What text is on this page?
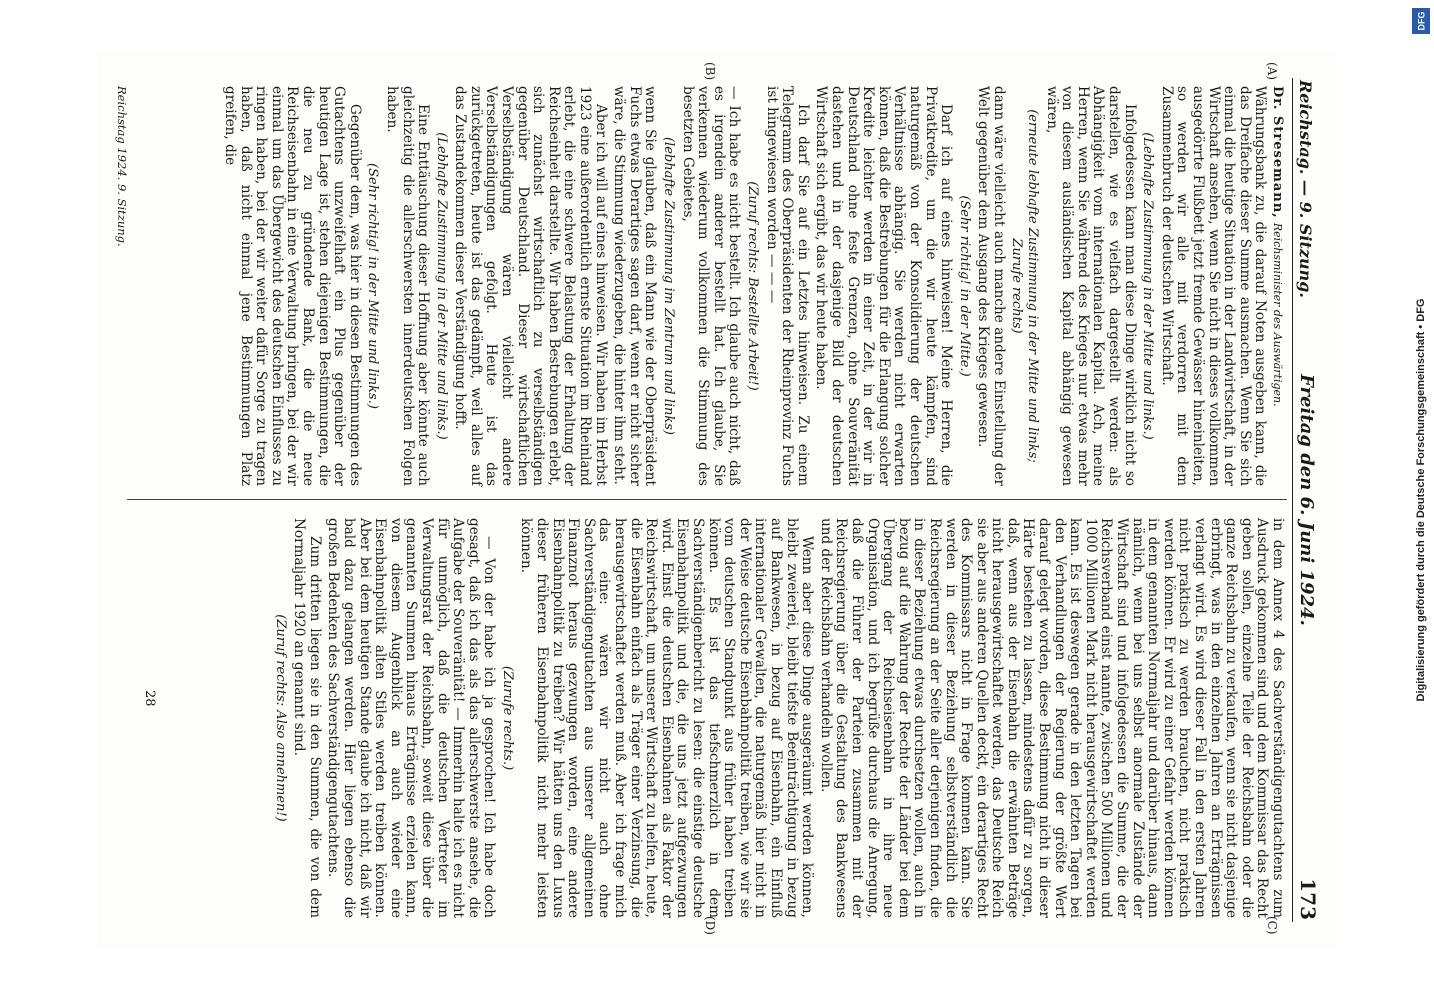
Reichstag. — 9. Sitzung.
Freitag den 6. Juni 1924.
173
(A)
(B)
(C)
(D)

Dr. Stresemann, Reichsminister des Auswärtigen.

Währungsbank zu, die darauf Noten ausgeben kann, die das Dreifache dieser Summe ausmachen. Wenn Sie sich einmal die heutige Situation in der Landwirtschaft, in der Wirtschaft ansehen, wenn Sie nicht in dieses vollkommen ausgedörrte Flußbett jetzt fremde Gewässer hineinleiten, so werden wir alle mit verdorren mit dem Zusammenbruch der deutschen Wirtschaft.

(Lebhafte Zustimmung in der Mitte und links.)

Infolgedessen kann man diese Dinge wirklich nicht so darstellen, wie es vielfach dargestellt werden: als Abhängigkeit vom internationalen Kapital. Ach, meine Herren, wenn Sie während des Krieges nur etwas mehr von diesem ausländischen Kapital abhängig gewesen wären,

(erneute lebhafte Zustimmung in der Mitte und links; Zurufe rechts)

dann wäre vielleicht auch manche andere Einstellung der Welt gegenüber dem Ausgang des Krieges gewesen.

(Sehr richtig! in der Mitte.)

Darf ich auf eines hinweisen! Meine Herren, die Privatkredite, um die wir heute kämpfen, sind naturgemäß von der Konsolidierung der deutschen Verhältnisse abhängig. Sie werden nicht erwarten können, daß die Bestrebungen für die Erlangung solcher Kredite leichter werden in einer Zeit, in der wir in Deutschland ohne feste Grenzen, ohne Souveränität dastehen und in der dasjenige Bild der deutschen Wirtschaft sich ergibt, das wir heute haben.

Ich darf Sie auf ein Letztes hinweisen. Zu einem Telegramm des Oberpräsidenten der Rheinprovinz Fuchs ist hingewiesen worden — — —

(Zuruf rechts: Bestellte Arbeit!)

— Ich habe es nicht bestellt. Ich glaube auch nicht, daß es irgendein anderer bestellt hat. Ich glaube, Sie verkennen wiederum vollkommen die Stimmung des besetzten Gebietes,

(lebhafte Zustimmung im Zentrum und links)

wenn Sie glauben, daß ein Mann wie der Oberpräsident Fuchs etwas Derartiges sagen darf, wenn er nicht sicher wäre, die Stimmung wiederzugeben, die hinter ihm steht.

Aber ich will auf eines hinweisen. Wir haben im Herbst 1923 eine außerordentlich ernste Situation im Rheinland erlebt, die eine schwere Belastung der Erhaltung der Reichseinheit darstellte. Wir haben Bestrebungen erlebt, sich zunächst wirtschaftlich zu verselbständigen gegenüber Deutschland. Dieser wirtschaftlichen Verselbständigung wären vielleicht andere Verselbständigungen gefolgt. Heute ist das zurückgetreten, heute ist das gedämpft, weil alles auf das Zustandekommen dieser Verständigung hofft.

(Lebhafte Zustimmung in der Mitte und links.)

Eine Enttäuschung dieser Hoffnung aber könnte auch gleichzeitig die allerschwersten innerdeutschen Folgen haben.

(Sehr richtig! in der Mitte und links.)

Gegenüber dem, was hier in diesen Bestimmungen des Gutachtens unzweifelhaft ein Plus gegenüber der heutigen Lage ist, stehen diejenigen Bestimmungen, die die neu zu gründende Bank, die die neue Reichseisenbahn in eine Verwaltung bringen, bei der wir einmal um das Übergewicht des deutschen Einflusses zu ringen haben, bei der wir weiter dafür Sorge zu tragen haben, daß nicht einmal jene Bestimmungen Platz greifen, die

in dem Annex 4 des Sachverständigengutachtens zum Ausdruck gekommen sind und dem Kommissar das Recht geben sollen, einzelne Teile der Reichsbahn oder die ganze Reichsbahn zu verkaufen, wenn sie nicht dasjenige erbringt, was in den einzelnen Jahren an Erträgnissen verlangt wird. Es wird dieser Fall in den ersten Jahren nicht praktisch zu werden brauchen, nicht praktisch werden können. Er wird zu einer Gefahr werden können in dem genannten Normaljahr und darüber hinaus, dann nämlich, wenn bei uns selbst anormale Zustände der Wirtschaft sind und infolgedessen die Summe, die der Reichsverband einst nannte, zwischen 500 Millionen und 1000 Millionen Mark nicht herausgewirtschaftet werden kann. Es ist deswegen gerade in den letzten Tagen bei den Verhandlungen der Regierung der größte Wert darauf gelegt worden, diese Bestimmung nicht in dieser Härte bestehen zu lassen, mindestens dafür zu sorgen, daß, wenn aus der Eisenbahn die erwähnten Beträge nicht herausgewirtschaftet werden, das Deutsche Reich sie aber aus anderen Quellen deckt, ein derartiges Recht des Kommissars nicht in Frage kommen kann. Sie werden in dieser Beziehung selbstverständlich die Reichsregierung an der Seite aller derjenigen finden, die in dieser Beziehung etwas durchsetzen wollen, auch in bezug auf die Wahrung der Rechte der Länder bei dem Übergang der Reichseisenbahn in ihre neue Organisation, und ich begrüße durchaus die Anregung, daß die Führer der Parteien zusammen mit der Reichsregierung über die Gestaltung des Bankwesens und der Reichsbahn verhandeln wollen.

Wenn aber diese Dinge ausgeräumt werden können, bleibt zweierlei, bleibt tiefste Beeinträchtigung in bezug auf Bankwesen, in bezug auf Eisenbahn, ein Einfluß internationaler Gewalten, die naturgemäß hier nicht in der Weise deutsche Eisenbahnpolitik treiben, wie wir sie vom deutschen Standpunkt aus früher haben treiben können. Es ist das tiefschmerzlich in dem Sachverständigenbericht zu lesen: die einstige deutsche Eisenbahnpolitik und die, die uns jetzt aufgezwungen wird. Einst die deutschen Eisenbahnen als Faktor der Reichswirtschaft, um unserer Wirtschaft zu helfen, heute, die Eisenbahn einfach als Träger einer Verzinsung, die herausgewirtschaftet werden muß. Aber ich frage mich das eine: wären wir nicht auch ohne Sachverständigengutachten aus unserer allgemeinen Finanznot heraus gezwungen worden, eine andere Eisenbahnpolitik zu treiben? Wir hätten uns den Luxus dieser früheren Eisenbahnpolitik nicht mehr leisten können.

(Zurufe rechts.)

— Von der habe ich ja gesprochen! Ich habe doch gesagt, daß ich das als das allerschwerste ansehe, die Aufgabe der Souveränität! — Immerhin halte ich es nicht für unmöglich, daß die deutschen Vertreter im Verwaltungsrat der Reichsbahn, soweit diese über die genannten Summen hinaus Erträgnisse erzielen kann, von diesem Augenblick an auch wieder eine Eisenbahnpolitik alten Stiles werden treiben können. Aber bei dem heutigen Stande glaube ich nicht, daß wir bald dazu gelangen werden. Hier liegen ebenso die großen Bedenken des Sachverständigengutachtens.

Zum dritten liegen sie in den Summen, die von dem Normaljahr 1920 an genannt sind.

(Zuruf rechts: Also annehmen!)

Reichstag 1924. 9. Sitzung.
28
DFG
Digitalisierung gefördert durch die Deutsche Forschungsgemeinschaft • DFG
